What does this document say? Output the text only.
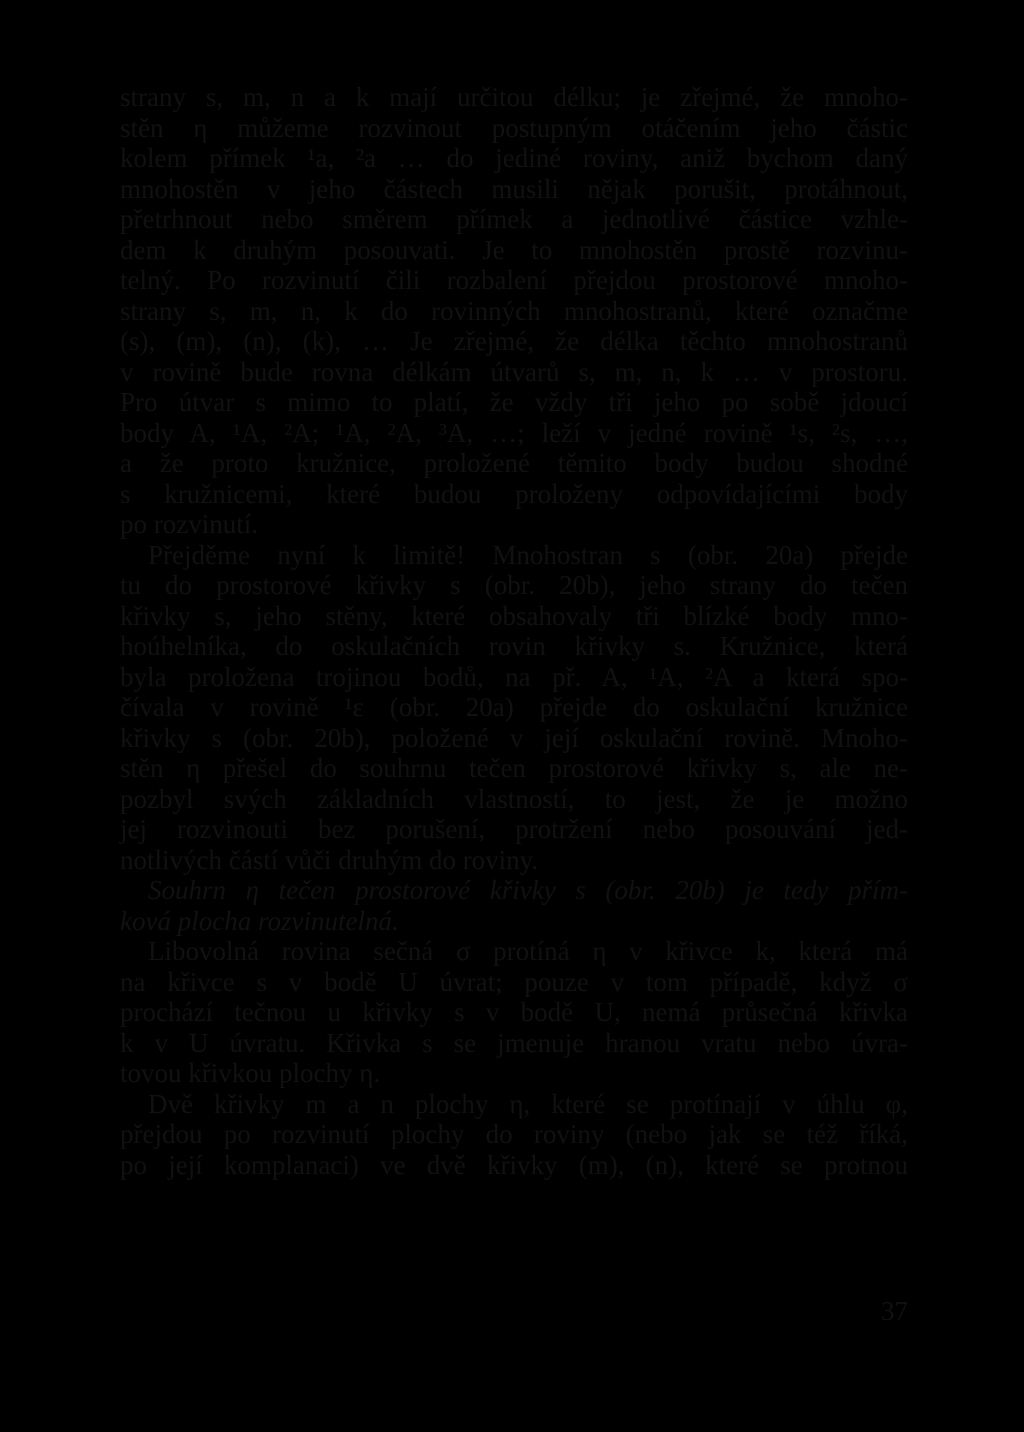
strany s, m, n a k mají určitou délku; je zřejmé, že mnoho-
stěn η můžeme rozvinout postupným otáčením jeho částic
kolem přímek ¹a, ²a … do jediné roviny, aniž bychom daný
mnohostěn v jeho částech musili nějak porušit, protáhnout,
přetrhnout nebo směrem přímek a jednotlivé částice vzhle-
dem k druhým posouvati. Je to mnohostěn prostě rozvinu-
telný. Po rozvinutí čili rozbalení přejdou prostorové mnoho-
strany s, m, n, k do rovinných mnohostranů, které označme
(s), (m), (n), (k), … Je zřejmé, že délka těchto mnohostranů
v rovině bude rovna délkám útvarů s, m, n, k … v prostoru.
Pro útvar s mimo to platí, že vždy tři jeho po sobě jdoucí
body A, ¹A, ²A; ¹A, ²A, ³A, …; leží v jedné rovině ¹s, ²s, …,
a že proto kružnice, proložené těmito body budou shodné
s kružnicemi, které budou proloženy odpovídajícími body
po rozvinutí.
Přejděme nyní k limitě! Mnohostran s (obr. 20a) přejde
tu do prostorové křivky s (obr. 20b), jeho strany do tečen
křivky s, jeho stěny, které obsahovaly tři blízké body mno-
hoúhelníka, do oskulačních rovin křivky s. Kružnice, která
byla proložena trojinou bodů, na př. A, ¹A, ²A a která spo-
čívala v rovině ¹ε (obr. 20a) přejde do oskulační kružnice
křivky s (obr. 20b), položené v její oskulační rovině. Mnoho-
stěn η přešel do souhrnu tečen prostorové křivky s, ale ne-
pozbyl svých základních vlastností, to jest, že je možno
jej rozvinouti bez porušení, protržení nebo posouvání jed-
notlivých částí vůči druhým do roviny.
Souhrn η tečen prostorové křivky s (obr. 20b) je tedy přím-
ková plocha rozvinutelná.
Libovolná rovina sečná σ protíná η v křivce k, která má
na křivce s v bodě U úvrat; pouze v tom případě, když σ
prochází tečnou u křivky s v bodě U, nemá průsečná křivka
k v U úvratu. Křivka s se jmenuje hranou vratu nebo úvra-
tovou křivkou plochy η.
Dvě křivky m a n plochy η, které se protínají v úhlu φ,
přejdou po rozvinutí plochy do roviny (nebo jak se též říká,
po její komplanaci) ve dvě křivky (m), (n), které se protnou
37
